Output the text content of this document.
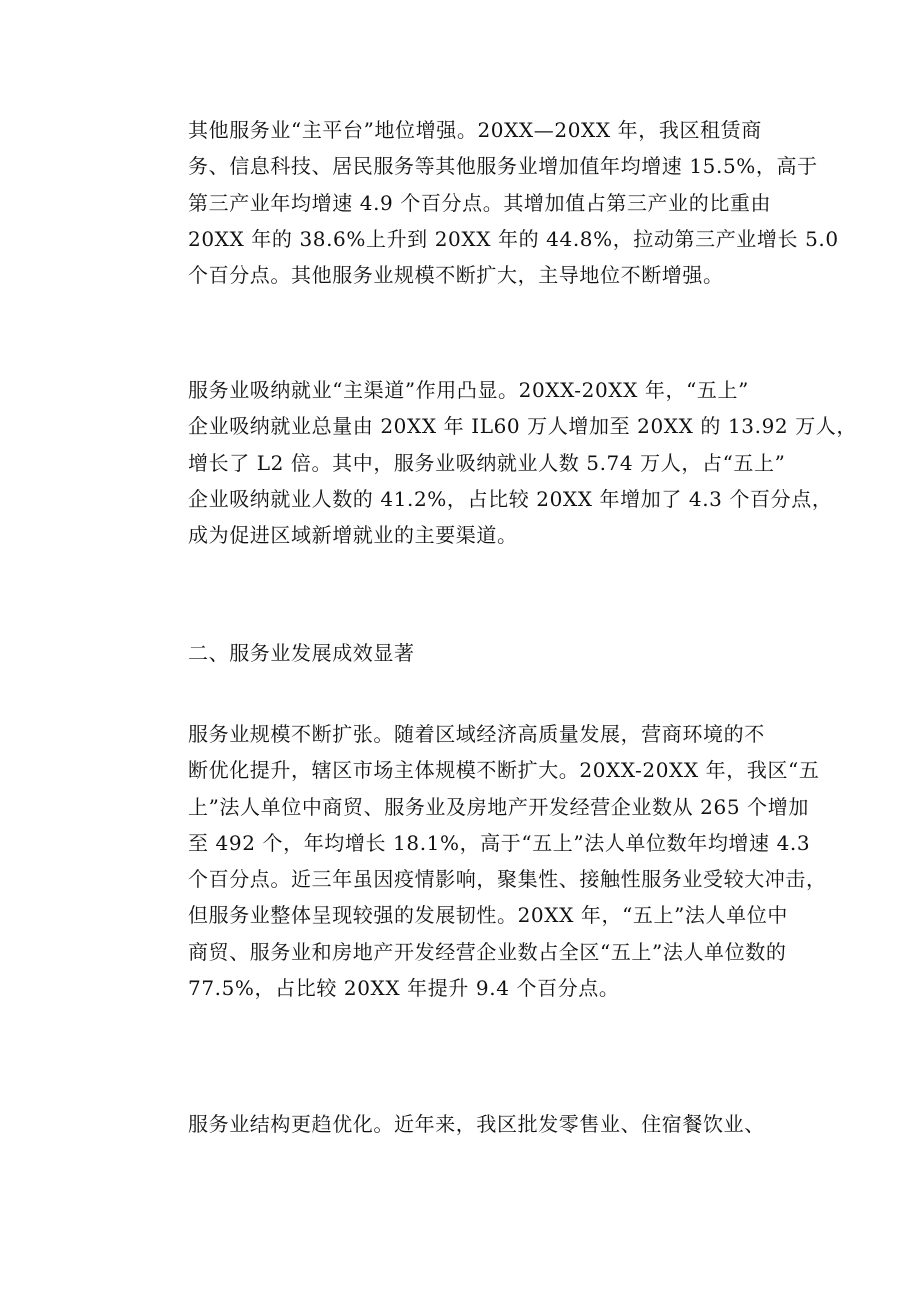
其他服务业“主平台”地位增强。20XX—20XX 年，我区租赁商
务、信息科技、居民服务等其他服务业增加值年均增速 15.5%，高于
第三产业年均增速 4.9 个百分点。其增加值占第三产业的比重由
20XX 年的 38.6%上升到 20XX 年的 44.8%，拉动第三产业增长 5.0
个百分点。其他服务业规模不断扩大，主导地位不断增强。

服务业吸纳就业“主渠道”作用凸显。20XX-20XX 年，“五上”
企业吸纳就业总量由 20XX 年 IL60 万人增加至 20XX 的 13.92 万人，
增长了 L2 倍。其中，服务业吸纳就业人数 5.74 万人，占“五上”
企业吸纳就业人数的 41.2%，占比较 20XX 年增加了 4.3 个百分点，
成为促进区域新增就业的主要渠道。

二、服务业发展成效显著

服务业规模不断扩张。随着区域经济高质量发展，营商环境的不
断优化提升，辖区市场主体规模不断扩大。20XX-20XX 年，我区“五
上”法人单位中商贸、服务业及房地产开发经营企业数从 265 个增加
至 492 个，年均增长 18.1%，高于“五上”法人单位数年均增速 4.3
个百分点。近三年虽因疫情影响，聚集性、接触性服务业受较大冲击，
但服务业整体呈现较强的发展韧性。20XX 年，“五上”法人单位中
商贸、服务业和房地产开发经营企业数占全区“五上”法人单位数的
77.5%，占比较 20XX 年提升 9.4 个百分点。

服务业结构更趋优化。近年来，我区批发零售业、住宿餐饮业、
